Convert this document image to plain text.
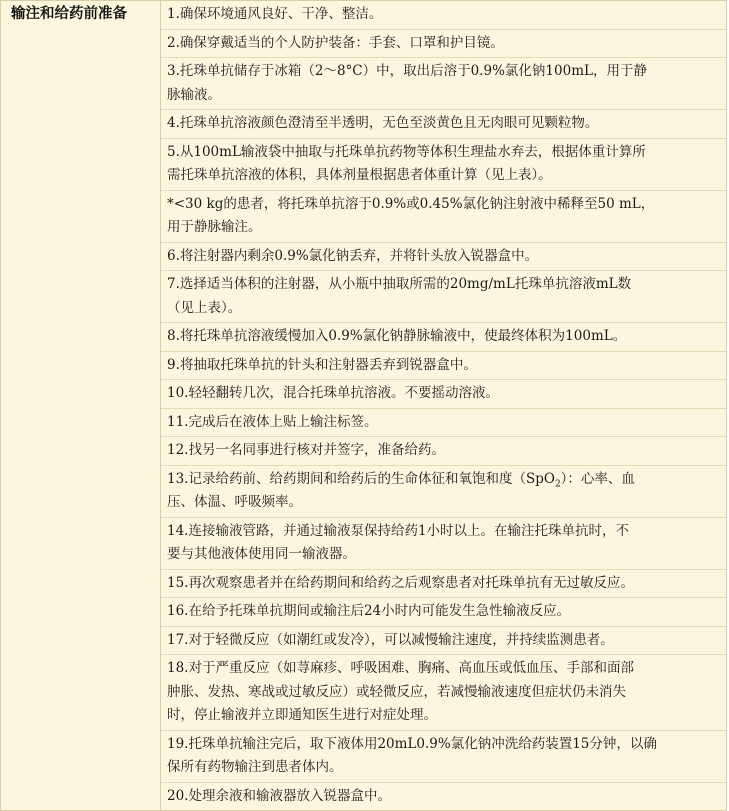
输注和给药前准备	1.确保环境通风良好、干净、整洁。
2.确保穿戴适当的个人防护装备：手套、口罩和护目镜。
3.托珠单抗储存于冰箱（2～8°C）中，取出后溶于0.9%氯化钠100mL，用于静
脉输液。
4.托珠单抗溶液颜色澄清至半透明，无色至淡黄色且无肉眼可见颗粒物。
5.从100mL输液袋中抽取与托珠单抗药物等体积生理盐水弃去，根据体重计算所
需托珠单抗溶液的体积，具体剂量根据患者体重计算（见上表）。
*<30 kg的患者，将托珠单抗溶于0.9%或0.45%氯化钠注射液中稀释至50 mL，
用于静脉输注。
6.将注射器内剩余0.9%氯化钠丢弃，并将针头放入锐器盒中。
7.选择适当体积的注射器，从小瓶中抽取所需的20mg/mL托珠单抗溶液mL数
（见上表）。
8.将托珠单抗溶液缓慢加入0.9%氯化钠静脉输液中，使最终体积为100mL。
9.将抽取托珠单抗的针头和注射器丢弃到锐器盒中。
10.轻轻翻转几次，混合托珠单抗溶液。不要摇动溶液。
11.完成后在液体上贴上输注标签。
12.找另一名同事进行核对并签字，准备给药。
13.记录给药前、给药期间和给药后的生命体征和氧饱和度（SpO$_2$）：心率、血
压、体温、呼吸频率。
14.连接输液管路，并通过输液泵保持给药1小时以上。在输注托珠单抗时，不
要与其他液体使用同一输液器。
15.再次观察患者并在给药期间和给药之后观察患者对托珠单抗有无过敏反应。
16.在给予托珠单抗期间或输注后24小时内可能发生急性输液反应。
17.对于轻微反应（如潮红或发冷），可以减慢输注速度，并持续监测患者。
18.对于严重反应（如荨麻疹、呼吸困难、胸痛、高血压或低血压、手部和面部
肿胀、发热、寒战或过敏反应）或轻微反应，若减慢输液速度但症状仍未消失
时，停止输液并立即通知医生进行对症处理。
19.托珠单抗输注完后，取下液体用20mL0.9%氯化钠冲洗给药装置15分钟，以确
保所有药物输注到患者体内。
20.处理余液和输液器放入锐器盒中。
